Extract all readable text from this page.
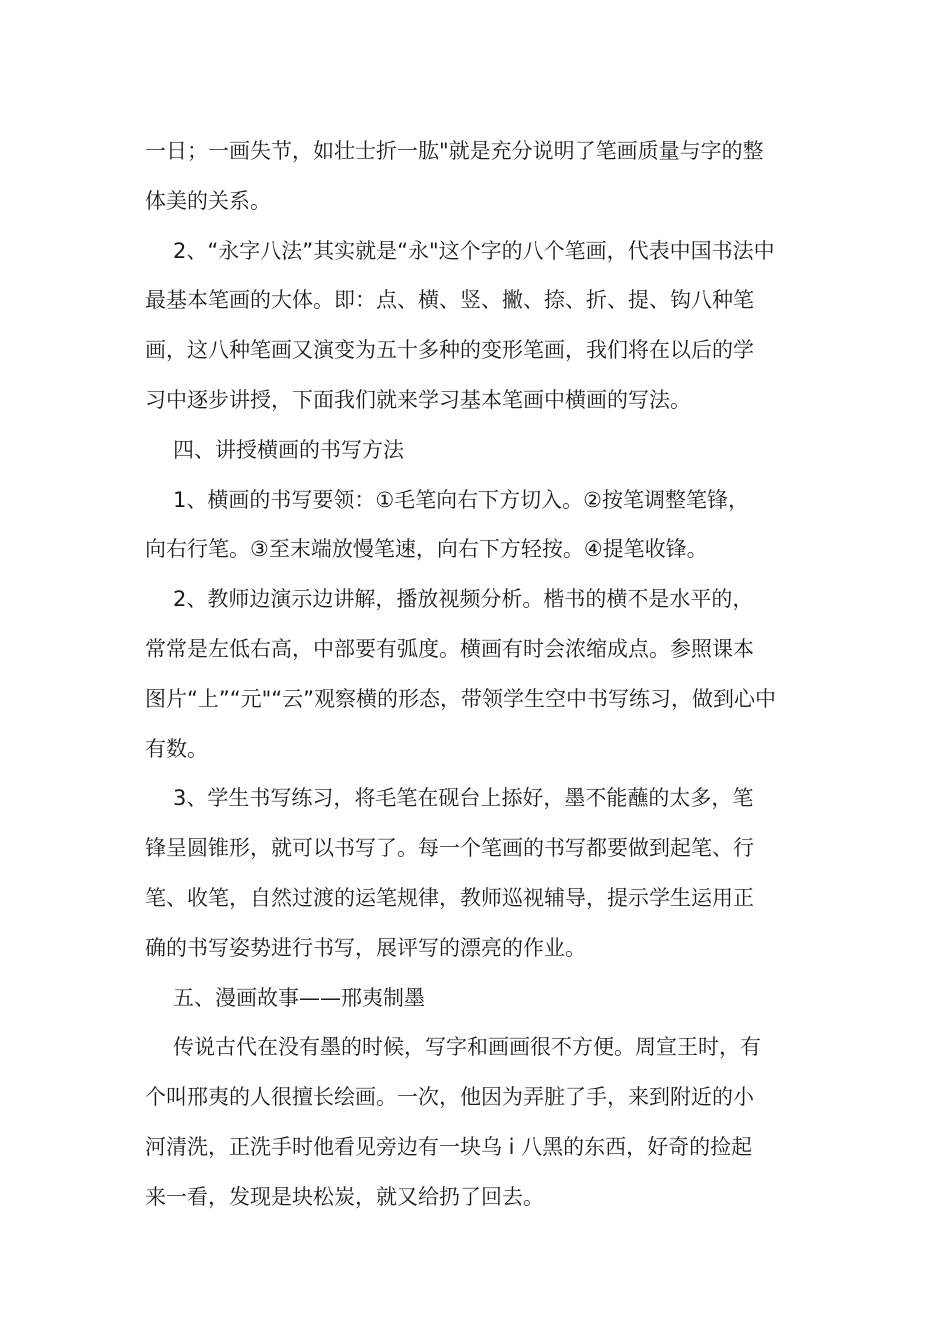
一日；一画失节，如壮士折一肱"就是充分说明了笔画质量与字的整
体美的关系。
2、“永字八法”其实就是“永"这个字的八个笔画，代表中国书法中
最基本笔画的大体。即：点、横、竖、撇、捺、折、提、钩八种笔
画，这八种笔画又演变为五十多种的变形笔画，我们将在以后的学
习中逐步讲授，下面我们就来学习基本笔画中横画的写法。
四、讲授横画的书写方法
1、横画的书写要领：①毛笔向右下方切入。②按笔调整笔锋，
向右行笔。③至末端放慢笔速，向右下方轻按。④提笔收锋。
2、教师边演示边讲解，播放视频分析。楷书的横不是水平的，
常常是左低右高，中部要有弧度。横画有时会浓缩成点。参照课本
图片“上”“元"“云”观察横的形态，带领学生空中书写练习，做到心中
有数。
3、学生书写练习，将毛笔在砚台上掭好，墨不能蘸的太多，笔
锋呈圆锥形，就可以书写了。每一个笔画的书写都要做到起笔、行
笔、收笔，自然过渡的运笔规律，教师巡视辅导，提示学生运用正
确的书写姿势进行书写，展评写的漂亮的作业。
五、漫画故事——邢夷制墨
传说古代在没有墨的时候，写字和画画很不方便。周宣王时，有
个叫邢夷的人很擅长绘画。一次，他因为弄脏了手，来到附近的小
河清洗，正洗手时他看见旁边有一块乌 i 八黑的东西，好奇的捡起
来一看，发现是块松炭，就又给扔了回去。
